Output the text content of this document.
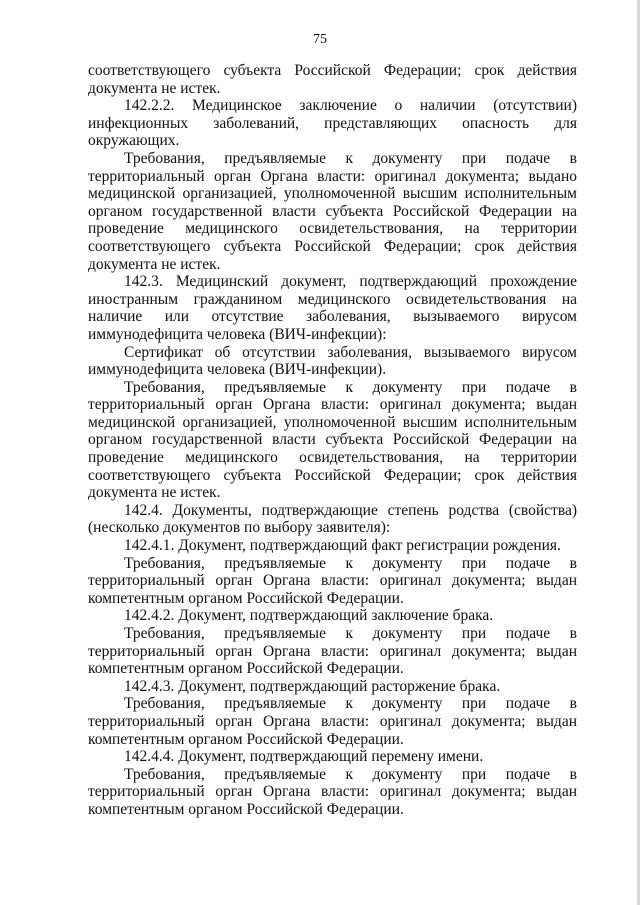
75

соответствующего субъекта Российской Федерации; срок действия документа не истек.

142.2.2. Медицинское заключение о наличии (отсутствии) инфекционных заболеваний, представляющих опасность для окружающих.

Требования, предъявляемые к документу при подаче в территориальный орган Органа власти: оригинал документа; выдано медицинской организацией, уполномоченной высшим исполнительным органом государственной власти субъекта Российской Федерации на проведение медицинского освидетельствования, на территории соответствующего субъекта Российской Федерации; срок действия документа не истек.

142.3. Медицинский документ, подтверждающий прохождение иностранным гражданином медицинского освидетельствования на наличие или отсутствие заболевания, вызываемого вирусом иммунодефицита человека (ВИЧ-инфекции):

Сертификат об отсутствии заболевания, вызываемого вирусом иммунодефицита человека (ВИЧ-инфекции).

Требования, предъявляемые к документу при подаче в территориальный орган Органа власти: оригинал документа; выдан медицинской организацией, уполномоченной высшим исполнительным органом государственной власти субъекта Российской Федерации на проведение медицинского освидетельствования, на территории соответствующего субъекта Российской Федерации; срок действия документа не истек.

142.4. Документы, подтверждающие степень родства (свойства) (несколько документов по выбору заявителя):

142.4.1. Документ, подтверждающий факт регистрации рождения.

Требования, предъявляемые к документу при подаче в территориальный орган Органа власти: оригинал документа; выдан компетентным органом Российской Федерации.

142.4.2. Документ, подтверждающий заключение брака.

Требования, предъявляемые к документу при подаче в территориальный орган Органа власти: оригинал документа; выдан компетентным органом Российской Федерации.

142.4.3. Документ, подтверждающий расторжение брака.

Требования, предъявляемые к документу при подаче в территориальный орган Органа власти: оригинал документа; выдан компетентным органом Российской Федерации.

142.4.4. Документ, подтверждающий перемену имени.

Требования, предъявляемые к документу при подаче в территориальный орган Органа власти: оригинал документа; выдан компетентным органом Российской Федерации.
